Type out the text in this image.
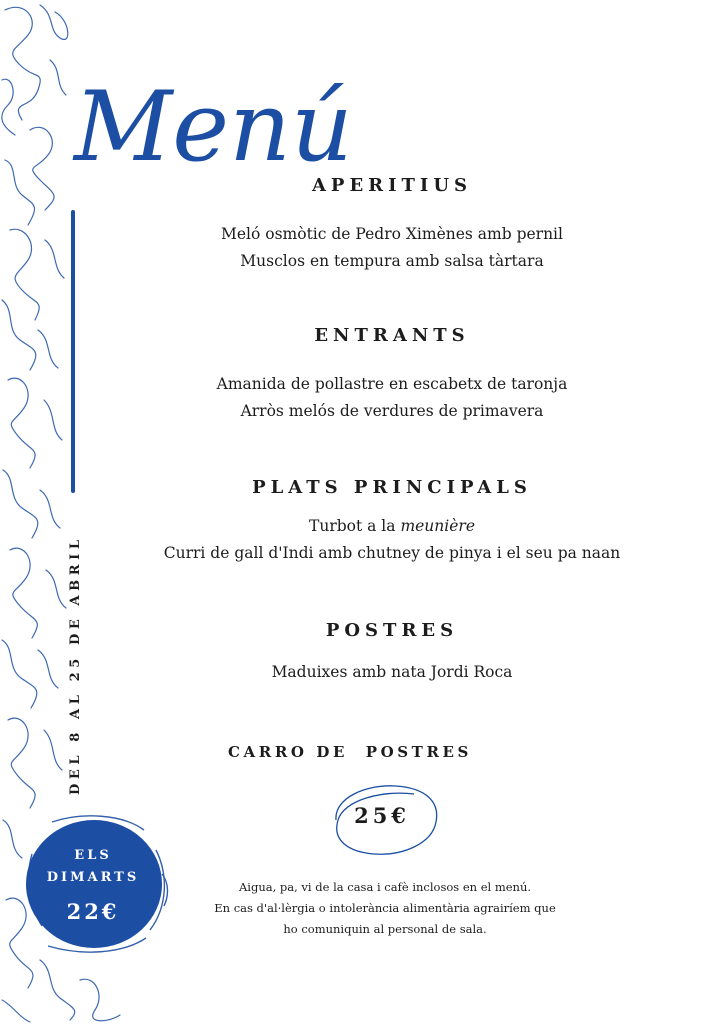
Menú
DEL 8 AL 25 DE ABRIL
ELS
DIMARTS
22€
APERITIUS
Meló osmòtic de Pedro Ximènes amb pernil
Musclos en tempura amb salsa tàrtara
ENTRANTS
Amanida de pollastre en escabetx de taronja
Arròs melós de verdures de primavera
PLATS PRINCIPALS
Turbot a la meunière
Curri de gall d'Indi amb chutney de pinya i el seu pa naan
POSTRES
Maduixes amb nata Jordi Roca
CARRO DE  POSTRES
25€
Aigua, pa, vi de la casa i cafè inclosos en el menú.
En cas d'al·lèrgia o intolerància alimentària agrairíem que
ho comuniquin al personal de sala.
